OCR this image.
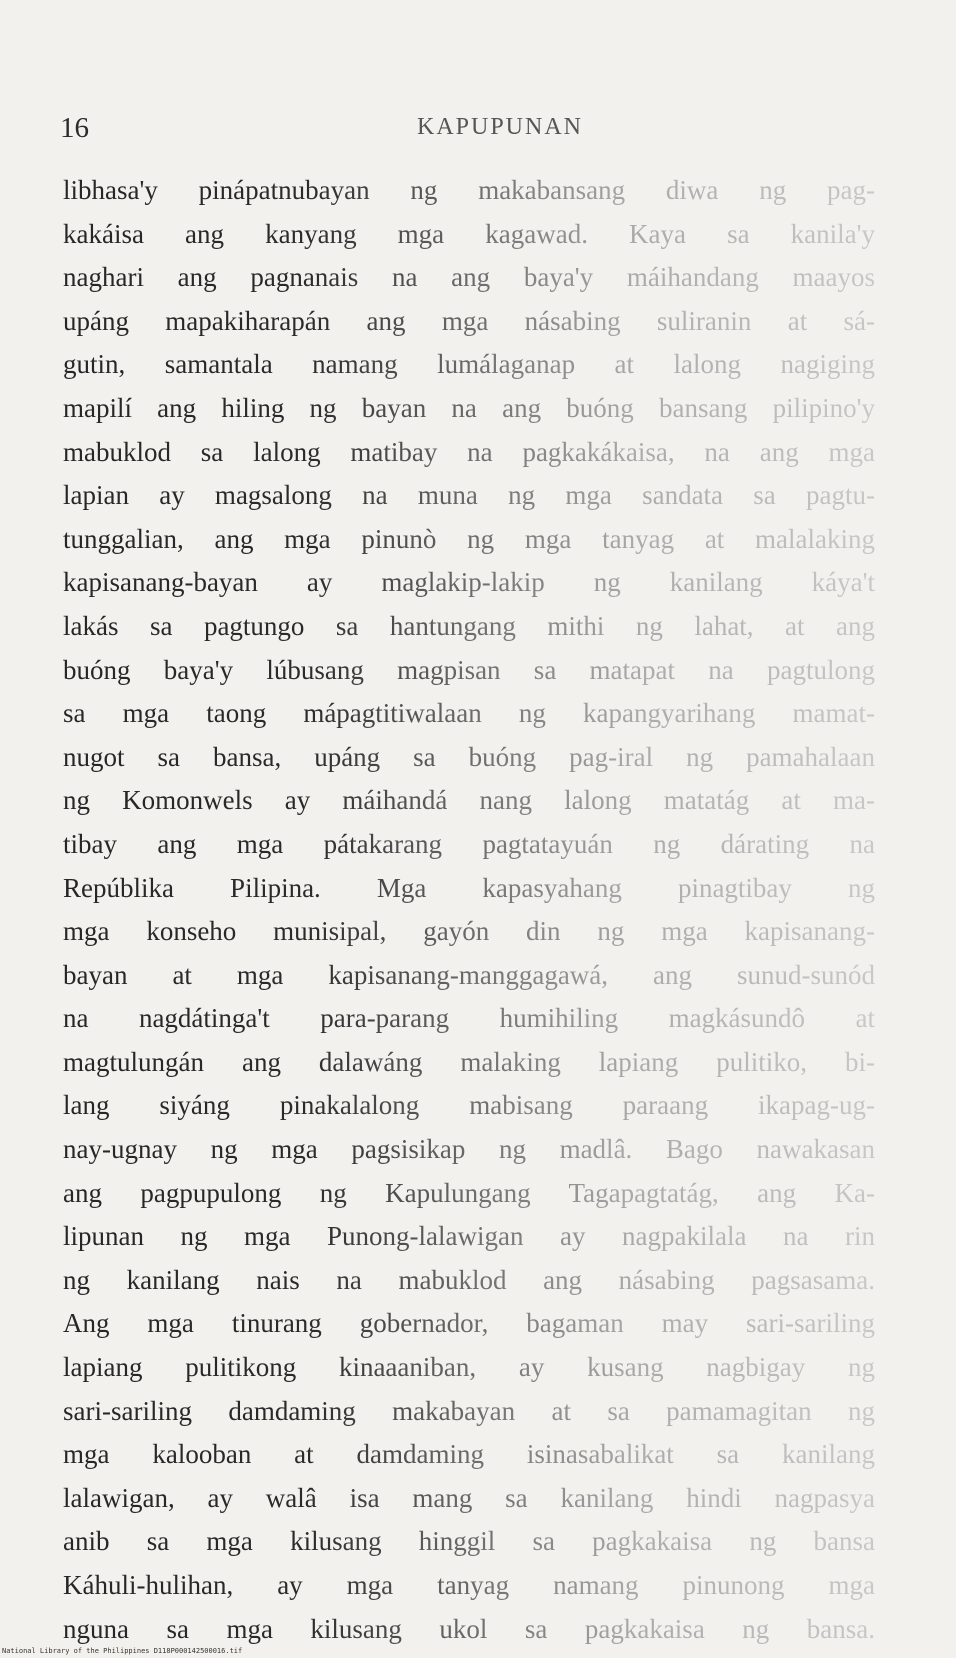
16	KAPUPUNAN
libhasa'y pinápatnubayan ng makabansang diwa ng pag-
kakáisa ang kanyang mga kagawad. Kaya sa kanila'y
naghari ang pagnanais na ang baya'y máihandang maayos
upáng mapakiharapán ang mga násabing suliranin at sá-
gutin, samantala namang lumálaganap at lalong nagiging
mapilí ang hiling ng bayan na ang buóng bansang pilipino'y
mabuklod sa lalong matibay na pagkakákaisa, na ang mga
lapian ay magsalong na muna ng mga sandata sa pagtu-
tunggalian, ang mga pinunò ng mga tanyag at malalaking
kapisanang-bayan ay maglakip-lakip ng kanilang káya't
lakás sa pagtungo sa hantungang mithi ng lahat, at ang
buóng baya'y lúbusang magpisan sa matapat na pagtulong
sa mga taong mápagtitiwalaan ng kapangyarihang mamat-
nugot sa bansa, upáng sa buóng pag-iral ng pamahalaan
ng Komonwels ay máihandá nang lalong matatág at ma-
tibay ang mga pátakarang pagtatayuán ng dárating na
Repúblika Pilipina. Mga kapasyahang pinagtibay ng
mga konseho munisipal, gayón din ng mga kapisanang-
bayan at mga kapisanang-manggagawá, ang sunud-sunód
na nagdátinga't para-parang humihiling magkásundô at
magtulungán ang dalawáng malaking lapiang pulitiko, bi-
lang siyáng pinakalalong mabisang paraang ikapag-ug-
nay-ugnay ng mga pagsisikap ng madlâ. Bago nawakasan
ang pagpupulong ng Kapulungang Tagapagtatág, ang Ka-
lipunan ng mga Punong-lalawigan ay nagpakilala na rin
ng kanilang nais na mabuklod ang násabing pagsasama.
Ang mga tinurang gobernador, bagaman may sari-sariling
lapiang pulitikong kinaaaniban, ay kusang nagbigay ng
sari-sariling damdaming makabayan at sa pamamagitan ng
mga kalooban at damdaming isinasabalikat sa kanilang
lalawigan, ay walâ isa mang sa kanilang hindi nagpasya
anib sa mga kilusang hinggil sa pagkakaisa ng bansa
Káhuli-hulihan, ay mga tanyag namang pinunong mga
nguna sa mga kilusang ukol sa pagkakaisa ng bansa.
National Library of the Philippines D118P000142500016.tif
